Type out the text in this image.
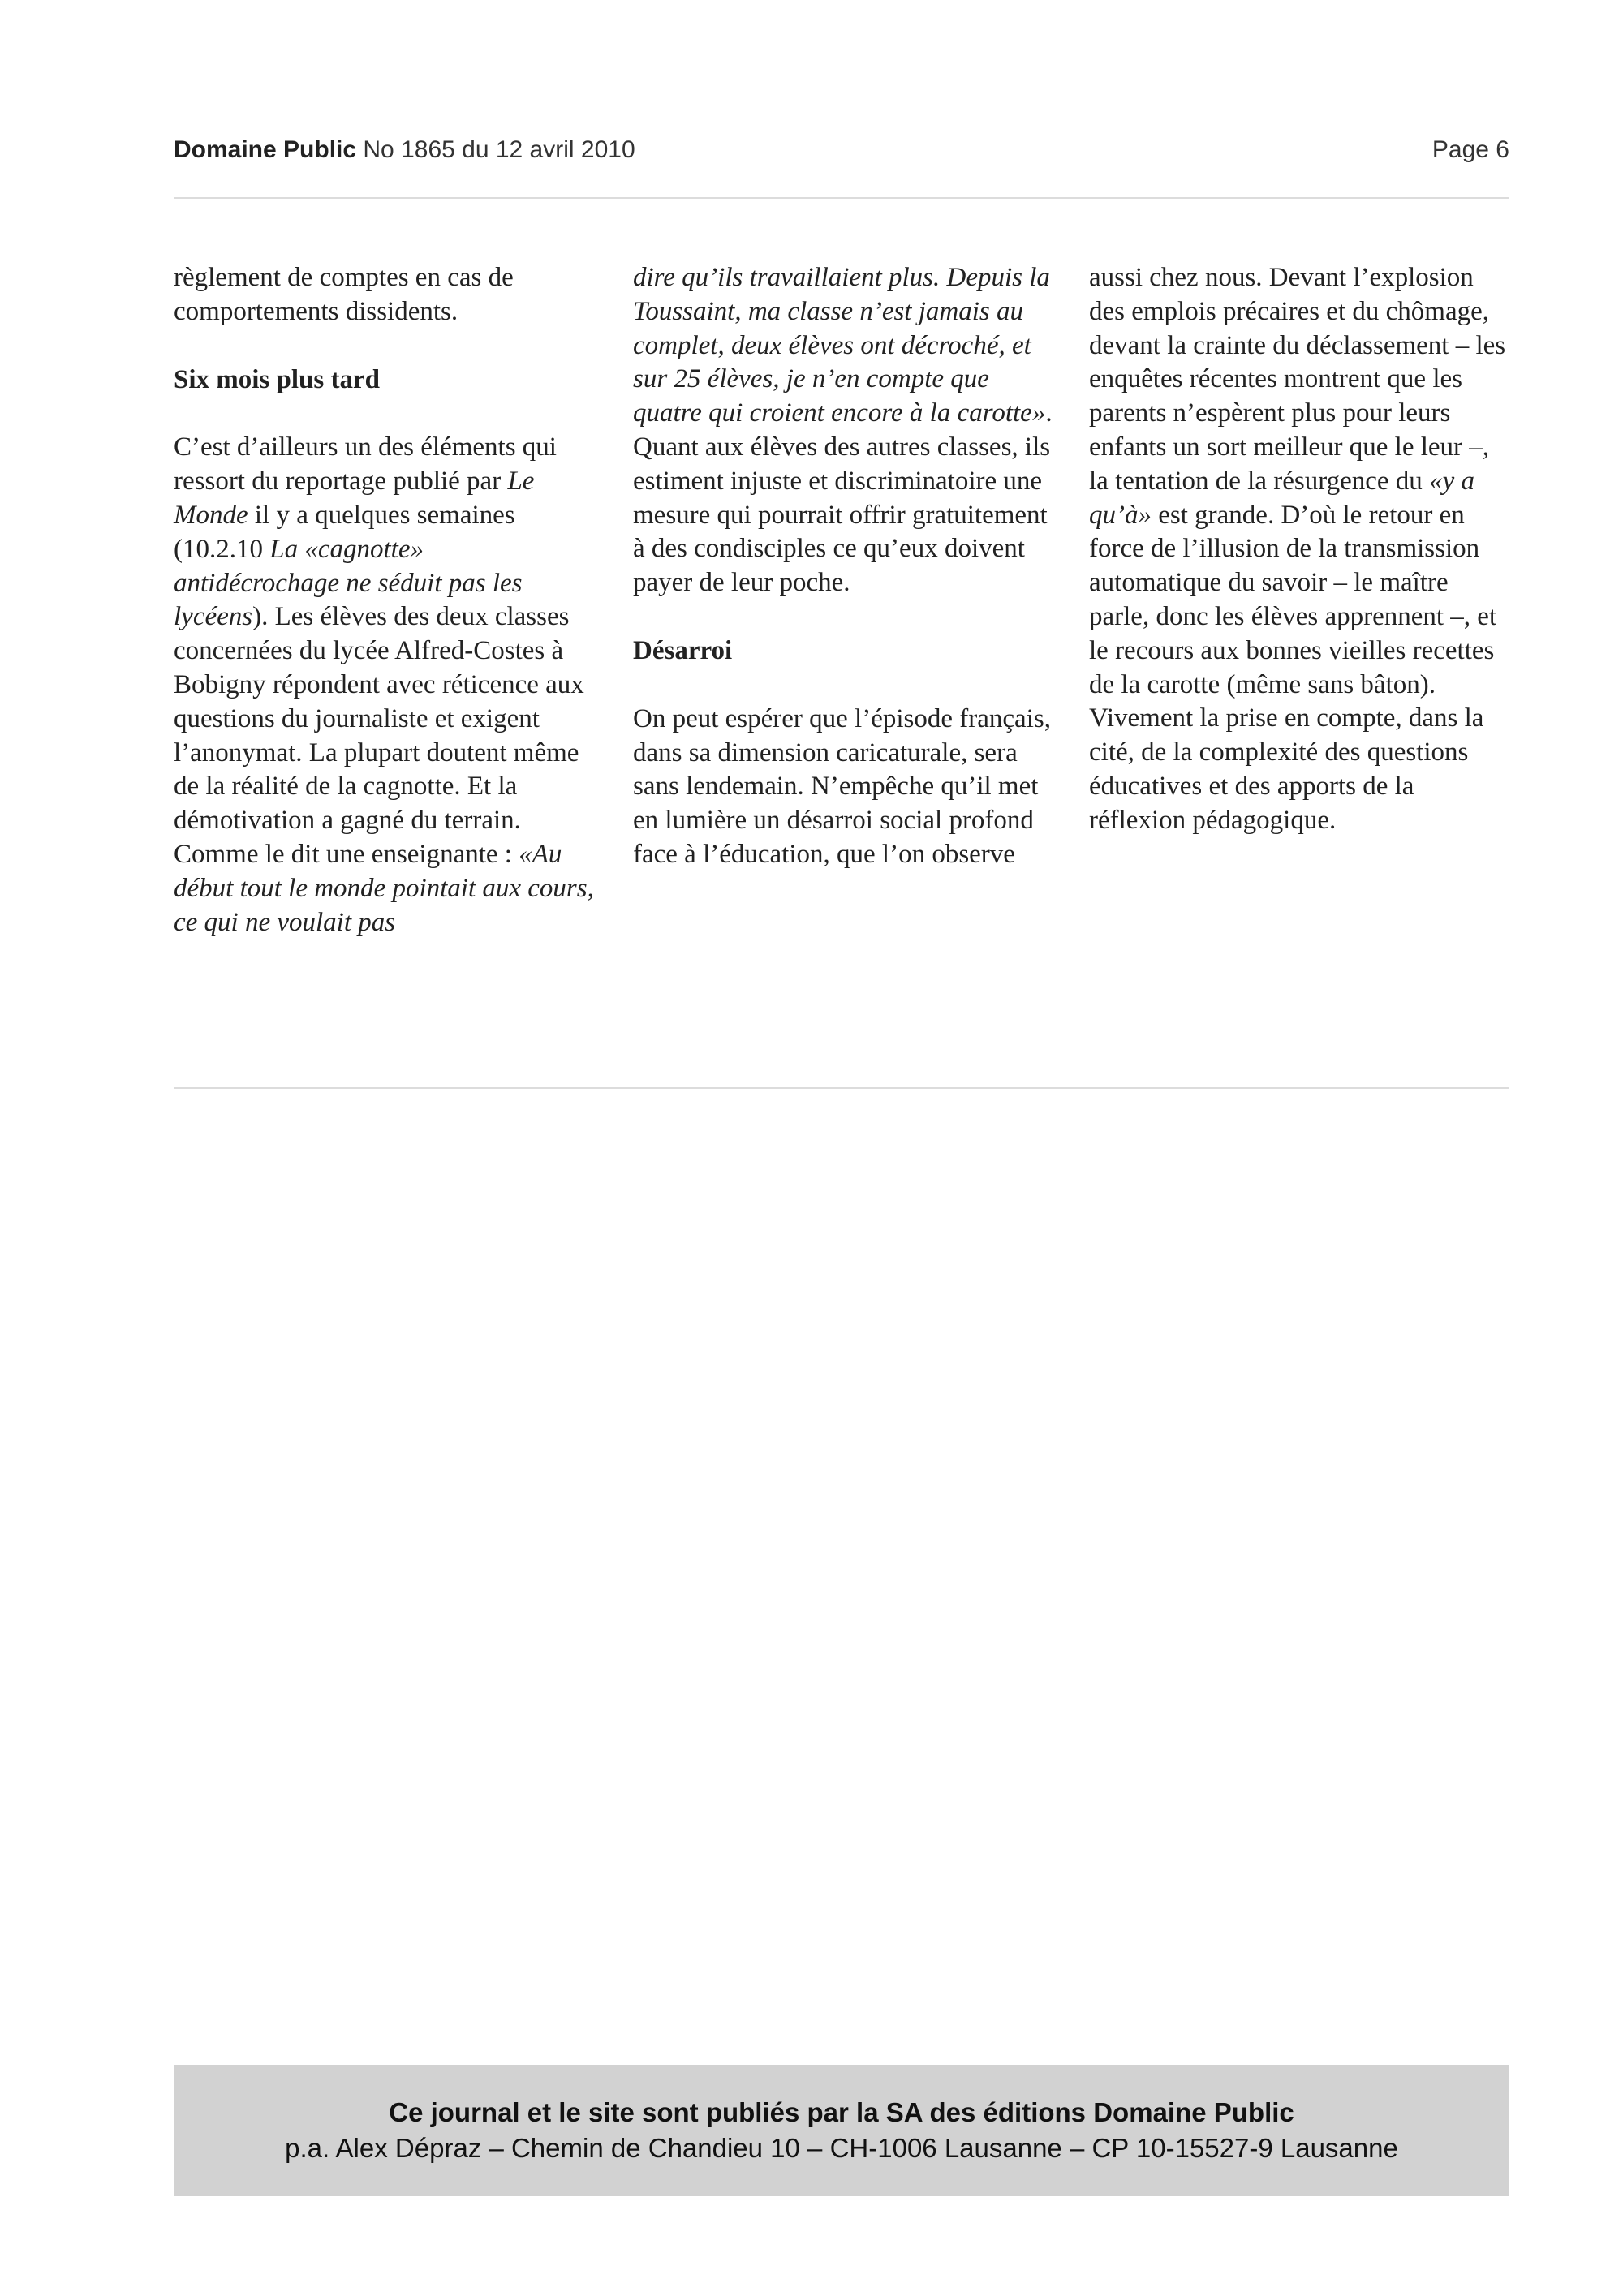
Domaine Public No 1865 du 12 avril 2010	Page 6

règlement de comptes en cas de comportements dissidents.

Six mois plus tard

C’est d’ailleurs un des éléments qui ressort du reportage publié par Le Monde il y a quelques semaines (10.2.10 La «cagnotte» antidécrochage ne séduit pas les lycéens). Les élèves des deux classes concernées du lycée Alfred-Costes à Bobigny répondent avec réticence aux questions du journaliste et exigent l’anonymat. La plupart doutent même de la réalité de la cagnotte. Et la démotivation a gagné du terrain. Comme le dit une enseignante : «Au début tout le monde pointait aux cours, ce qui ne voulait pas

dire qu’ils travaillaient plus. Depuis la Toussaint, ma classe n’est jamais au complet, deux élèves ont décroché, et sur 25 élèves, je n’en compte que quatre qui croient encore à la carotte». Quant aux élèves des autres classes, ils estiment injuste et discriminatoire une mesure qui pourrait offrir gratuitement à des condisciples ce qu’eux doivent payer de leur poche.

Désarroi

On peut espérer que l’épisode français, dans sa dimension caricaturale, sera sans lendemain. N’empêche qu’il met en lumière un désarroi social profond face à l’éducation, que l’on observe

aussi chez nous. Devant l’explosion des emplois précaires et du chômage, devant la crainte du déclassement – les enquêtes récentes montrent que les parents n’espèrent plus pour leurs enfants un sort meilleur que le leur –, la tentation de la résurgence du «y a qu’à» est grande. D’où le retour en force de l’illusion de la transmission automatique du savoir – le maître parle, donc les élèves apprennent –, et le recours aux bonnes vieilles recettes de la carotte (même sans bâton). Vivement la prise en compte, dans la cité, de la complexité des questions éducatives et des apports de la réflexion pédagogique.

Ce journal et le site sont publiés par la SA des éditions Domaine Public
p.a. Alex Dépraz – Chemin de Chandieu 10 – CH-1006 Lausanne – CP 10-15527-9 Lausanne
